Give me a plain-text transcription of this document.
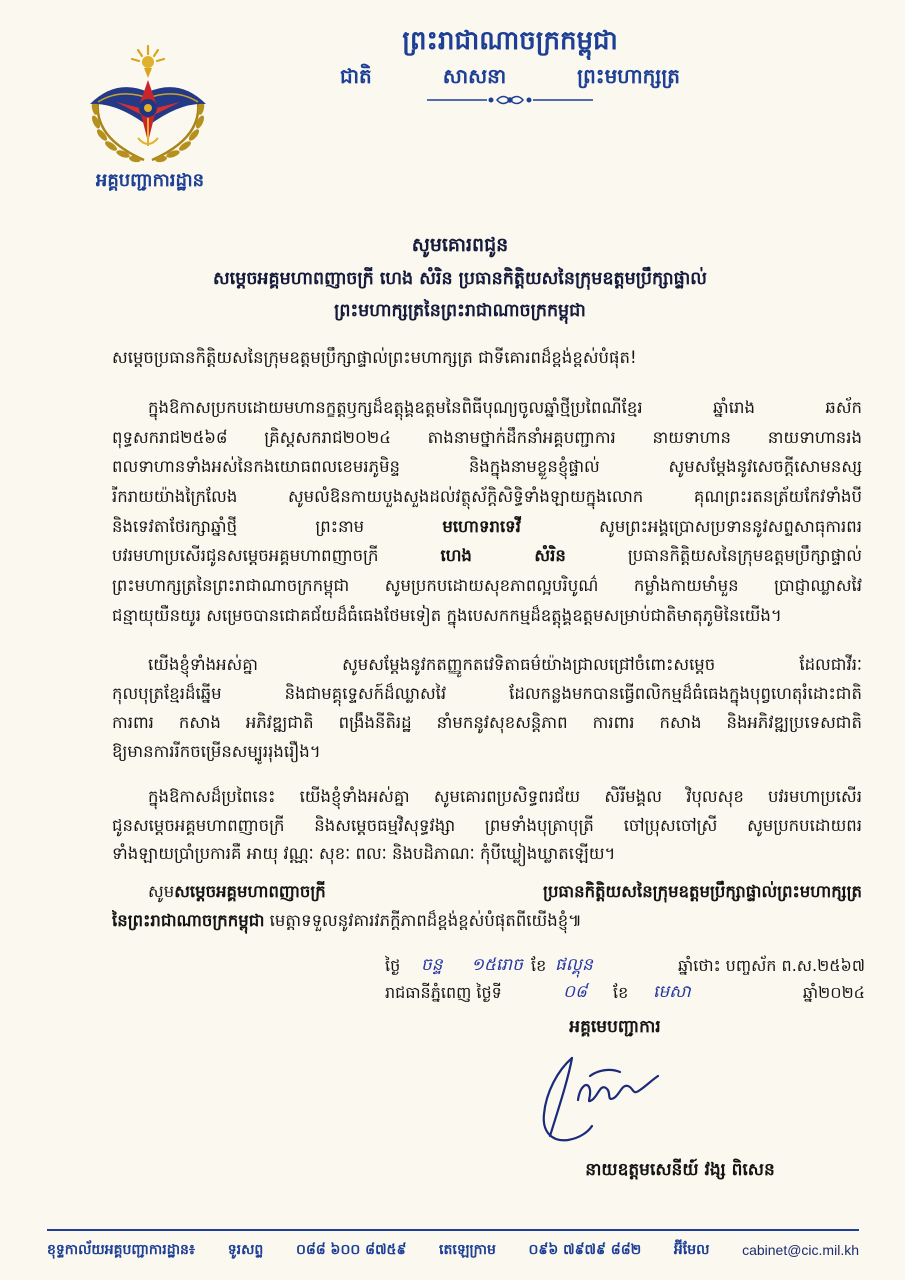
អគ្គបញ្ជាការដ្ឋាន
ព្រះរាជាណាចក្រកម្ពុជា
ជាតិ	សាសនា	ព្រះមហាក្សត្រ
សូមគោរពជូន
សម្តេចអគ្គមហាពញាចក្រី ហេង សំរិន ប្រធានកិត្តិយសនៃក្រុមឧត្តមប្រឹក្សាផ្ទាល់
ព្រះមហាក្សត្រនៃព្រះរាជាណាចក្រកម្ពុជា
សម្តេចប្រធានកិត្តិយសនៃក្រុមឧត្តមប្រឹក្សាផ្ទាល់ព្រះមហាក្សត្រ ជាទីគោរពដ៏ខ្ពង់ខ្ពស់បំផុត!
ក្នុងឱកាសប្រកបដោយមហានក្ខត្តឫក្សដ៏ឧត្តុង្គឧត្តមនៃពិធីបុណ្យចូលឆ្នាំថ្មីប្រពៃណីខ្មែរ ឆ្នាំរោង ឆស័ក
ពុទ្ធសករាជ២៥៦៨ គ្រិស្តសករាជ២០២៤ តាងនាមថ្នាក់ដឹកនាំអគ្គបញ្ជាការ នាយទាហាន នាយទាហានរង
ពលទាហានទាំងអស់នៃកងយោធពលខេមរភូមិន្ទ និងក្នុងនាមខ្លួនខ្ញុំផ្ទាល់ សូមសម្តែងនូវសេចក្តីសោមនស្ស
រីករាយយ៉ាងក្រៃលែង សូមលំឱនកាយបួងសួងដល់វត្ថុស័ក្តិសិទ្ធិទាំងឡាយក្នុងលោក គុណព្រះរតនត្រ័យកែវទាំងបី
និងទេវតាថែរក្សាឆ្នាំថ្មី ព្រះនាម មហោទរាទេវី សូមព្រះអង្គប្រោសប្រទាននូវសព្ទសាធុការពរ
បវរមហាប្រសើរជូនសម្តេចអគ្គមហាពញាចក្រី ហេង សំរិន ប្រធានកិត្តិយសនៃក្រុមឧត្តមប្រឹក្សាផ្ទាល់
ព្រះមហាក្សត្រនៃព្រះរាជាណាចក្រកម្ពុជា សូមប្រកបដោយសុខភាពល្អបរិបូណ៌ កម្លាំងកាយមាំមួន ប្រាជ្ញាឈ្លាសវៃ
ជន្មាយុយឺនយូរ សម្រេចបានជោគជ័យដ៏ធំធេងថែមទៀត ក្នុងបេសកកម្មដ៏ឧត្តុង្គឧត្តមសម្រាប់ជាតិមាតុភូមិនៃយើង។
យើងខ្ញុំទាំងអស់គ្នា សូមសម្តែងនូវកតញ្ញូកតវេទិតាធម៌យ៉ាងជ្រាលជ្រៅចំពោះសម្តេច ដែលជាវីរៈ
កុលបុត្រខ្មែរដ៏ឆ្នើម និងជាមគ្គុទ្ទេសក៍ដ៏ឈ្លាសវៃ ដែលកន្លងមកបានធ្វើពលិកម្មដ៏ធំធេងក្នុងបុព្វហេតុរំដោះជាតិ
ការពារ កសាង អភិវឌ្ឍជាតិ ពង្រឹងនីតិរដ្ឋ នាំមកនូវសុខសន្តិភាព ការពារ កសាង និងអភិវឌ្ឍប្រទេសជាតិ
ឱ្យមានការរីកចម្រើនសម្បូររុងរឿង។
ក្នុងឱកាសដ៏ប្រពៃនេះ យើងខ្ញុំទាំងអស់គ្នា សូមគោរពប្រសិទ្ធពរជ័យ សិរីមង្គល វិបុលសុខ បវរមហាប្រសើរ
ជូនសម្តេចអគ្គមហាពញាចក្រី និងសម្តេចធម្មវិសុទ្ធវង្សា ព្រមទាំងបុត្រាបុត្រី ចៅប្រុសចៅស្រី សូមប្រកបដោយពរ
ទាំងឡាយប្រាំប្រការគឺ អាយុ វណ្ណៈ សុខៈ ពលៈ និងបដិភាណៈ កុំបីឃ្លៀងឃ្លាតឡើយ។
សូមសម្តេចអគ្គមហាពញាចក្រី ប្រធានកិត្តិយសនៃក្រុមឧត្តមប្រឹក្សាផ្ទាល់ព្រះមហាក្សត្រ
នៃព្រះរាជាណាចក្រកម្ពុជា មេត្តាទទួលនូវគារវភក្តីភាពដ៏ខ្ពង់ខ្ពស់បំផុតពីយើងខ្ញុំ៕
ថ្ងៃ	ចន្ទ	១៥រោច ខែ ផល្គុន	ឆ្នាំថោះ បញ្ចស័ក ព.ស.២៥៦៧
រាជធានីភ្នំពេញ ថ្ងៃទី	០៨	ខែ	មេសា	ឆ្នាំ២០២៤
អគ្គមេបញ្ជាការ
នាយឧត្តមសេនីយ៍ វង្ស ពិសេន
ខុទ្ទកាល័យអគ្គបញ្ជាការដ្ឋាន៖ ទូរសព្ទ ០៨៨ ៦០០ ៨៧៥៩ តេឡេក្រាម ០៩៦ ៧៩៧៩ ៨៨២ អ៊ីមែល cabinet@cic.mil.kh
